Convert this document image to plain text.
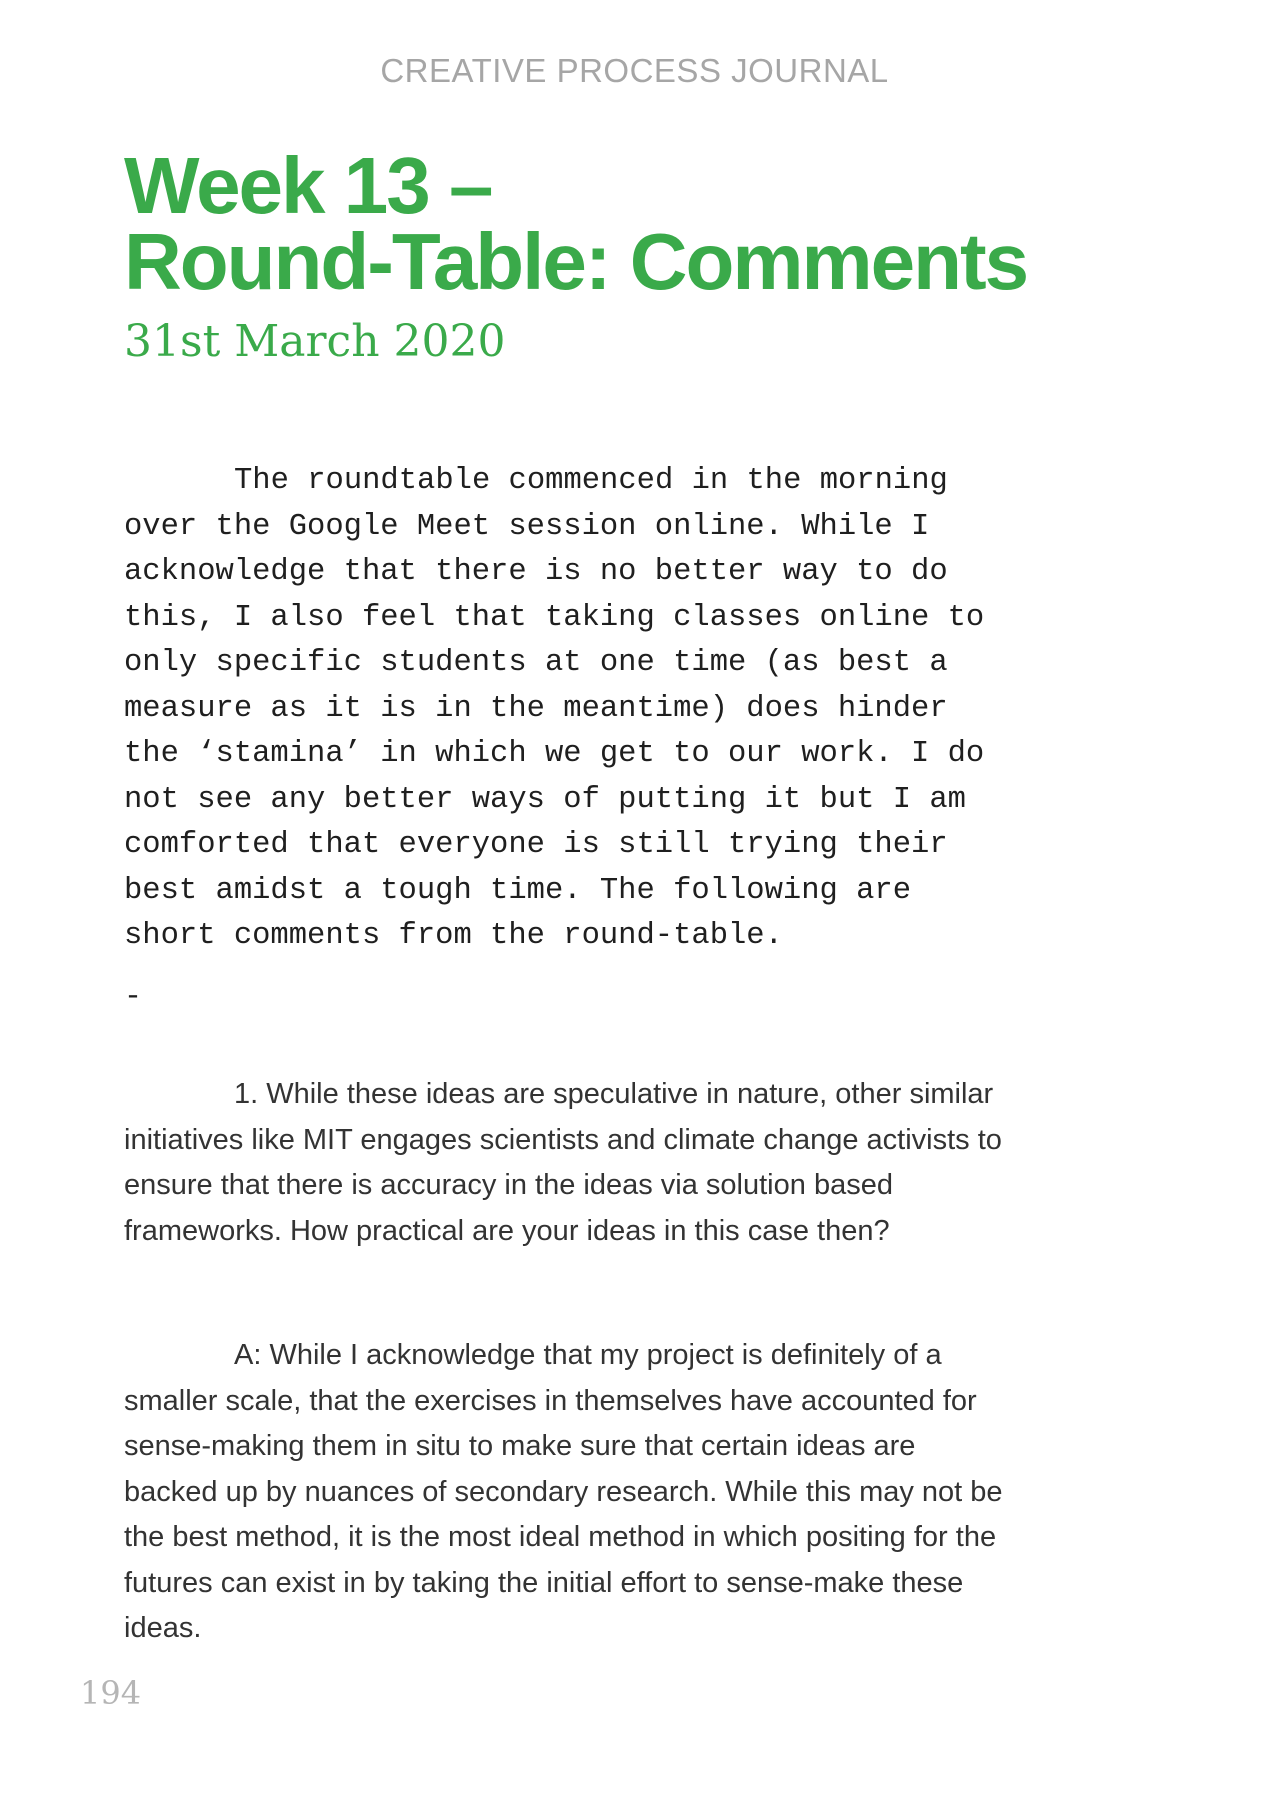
CREATIVE PROCESS JOURNAL
Week 13 –
Round-Table: Comments
31st March 2020

The roundtable commenced in the morning over the Google Meet session online. While I acknowledge that there is no better way to do this, I also feel that taking classes online to only specific students at one time (as best a measure as it is in the meantime) does hinder the ‘stamina’ in which we get to our work. I do not see any better ways of putting it but I am comforted that everyone is still trying their best amidst a tough time. The following are short comments from the round-table.

-

1. While these ideas are speculative in nature, other similar initiatives like MIT engages scientists and climate change activists to ensure that there is accuracy in the ideas via solution based frameworks. How practical are your ideas in this case then?

A: While I acknowledge that my project is definitely of a smaller scale, that the exercises in themselves have accounted for sense-making them in situ to make sure that certain ideas are backed up by nuances of secondary research. While this may not be the best method, it is the most ideal method in which positing for the futures can exist in by taking the initial effort to sense-make these ideas.

194
